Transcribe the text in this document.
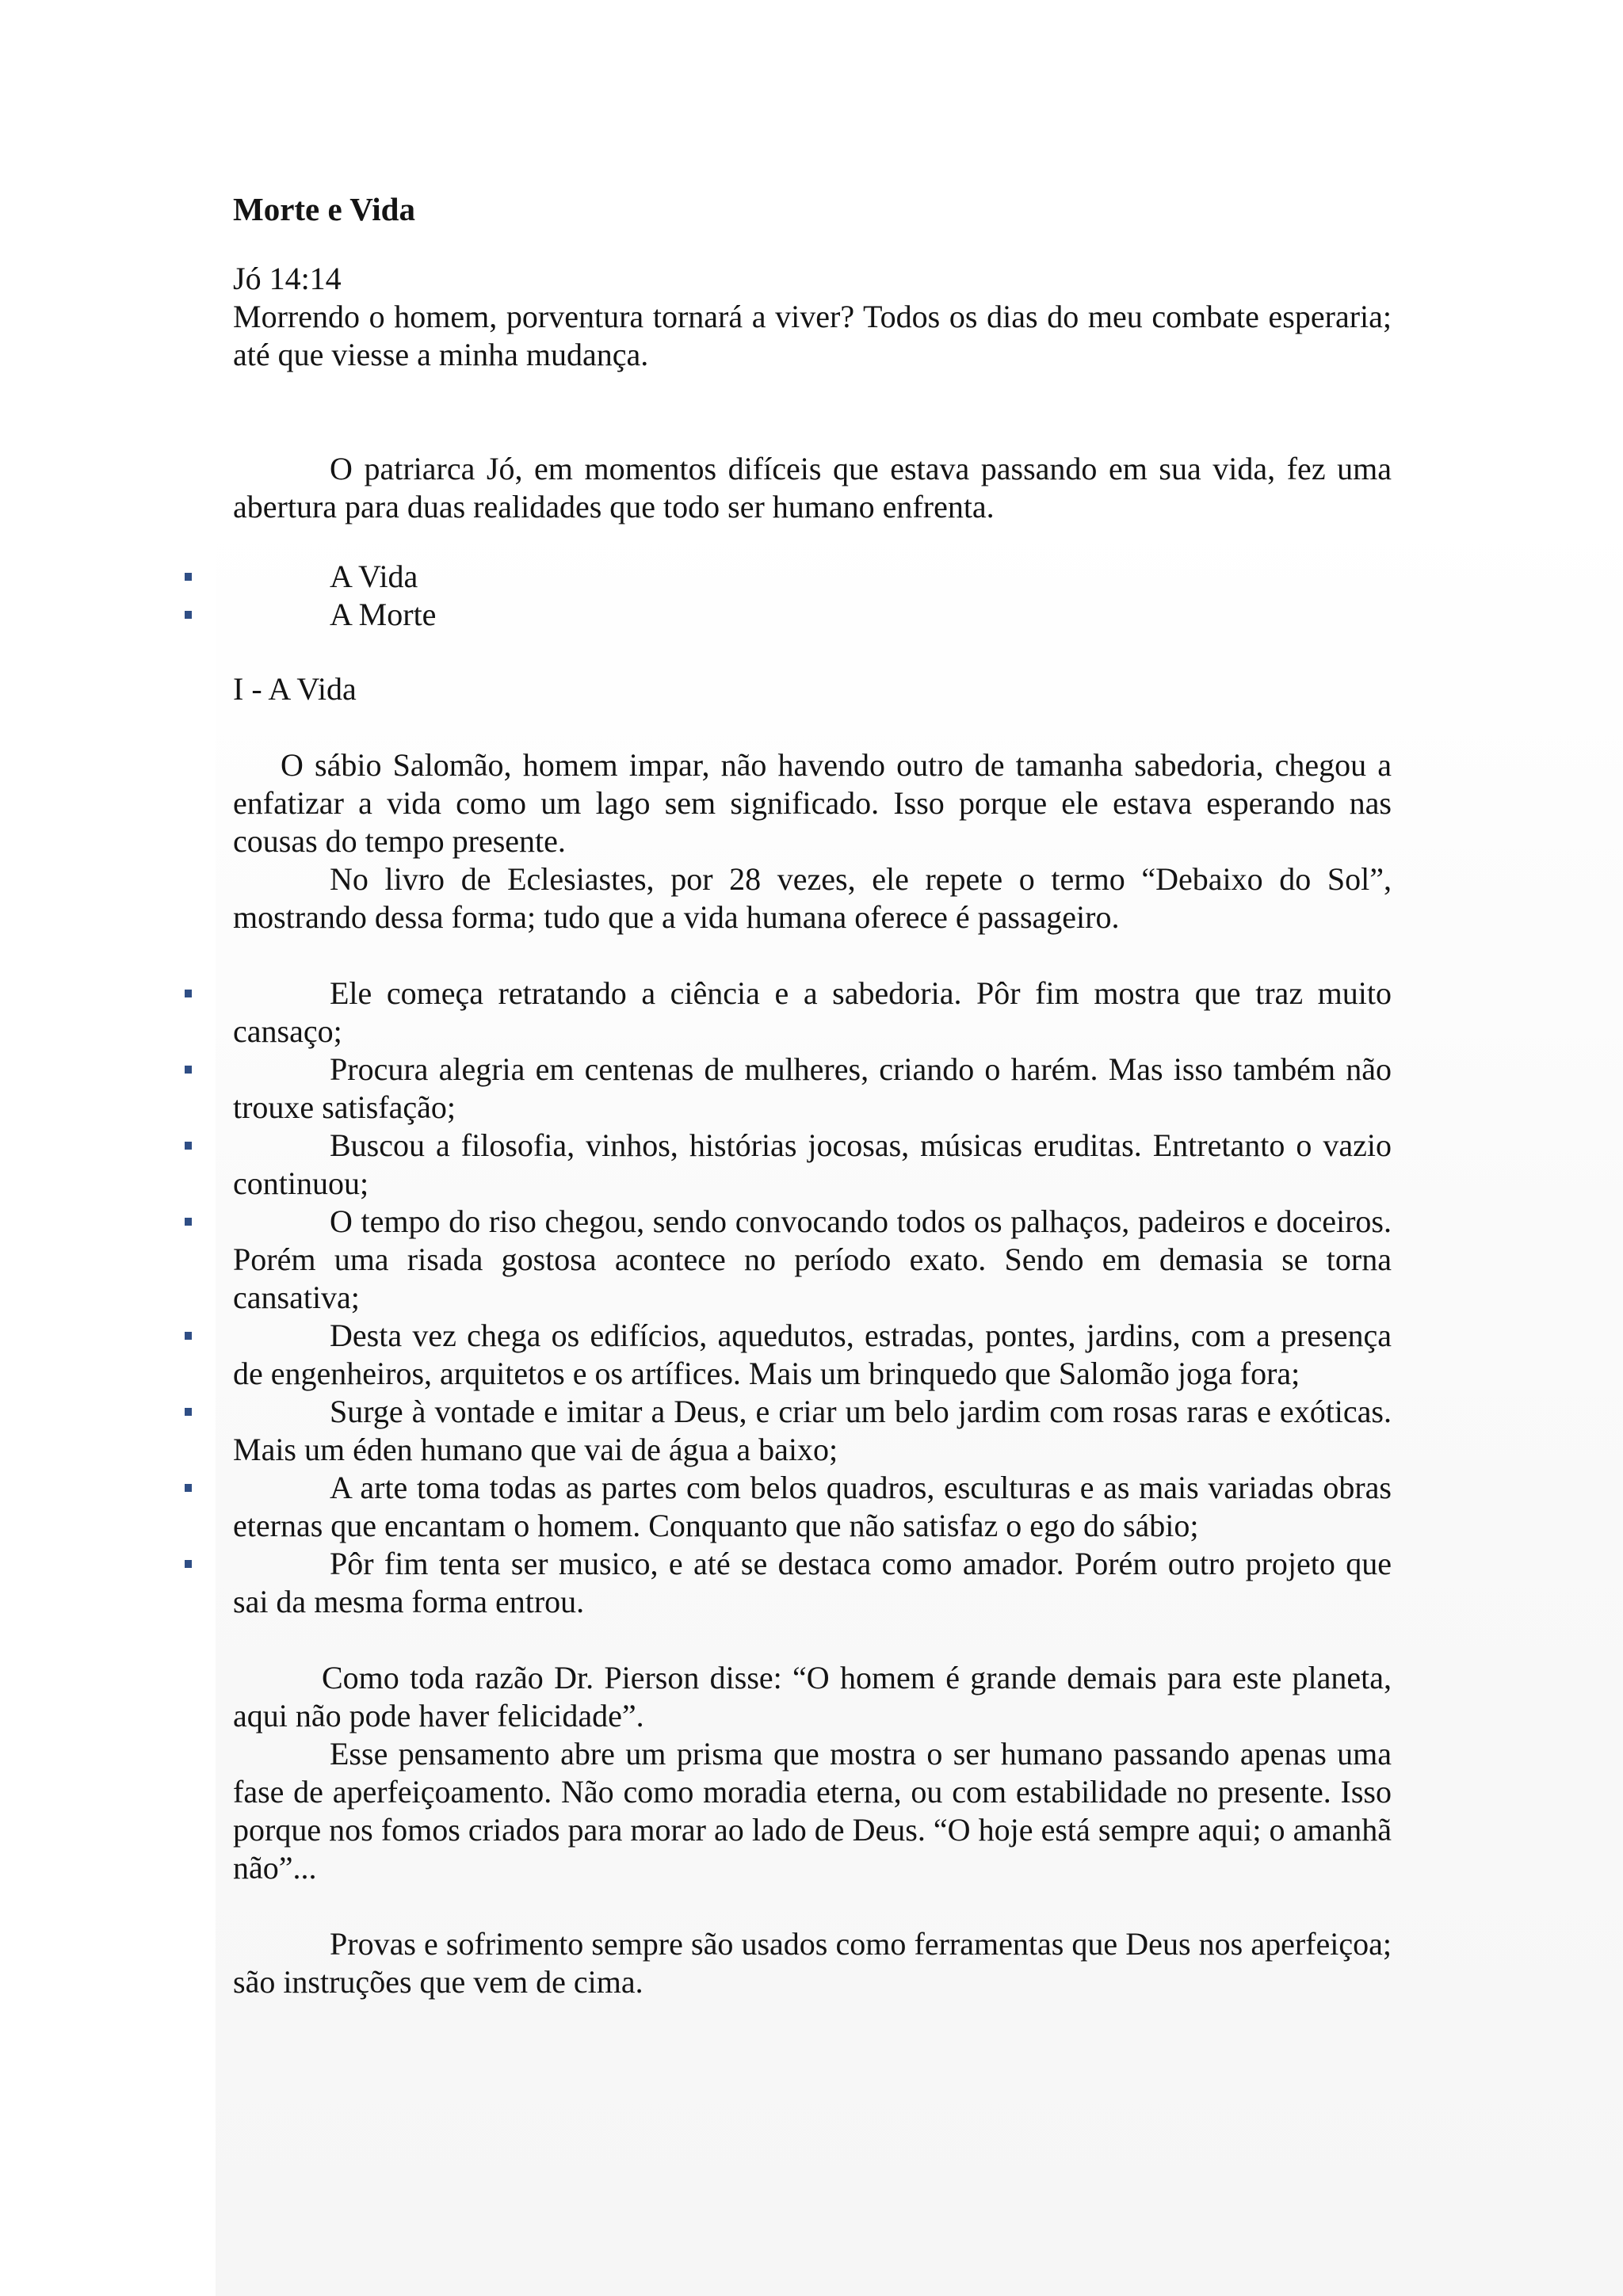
Morte e Vida

Jó 14:14

Morrendo o homem, porventura tornará a viver? Todos os dias do meu combate esperaria; até que viesse a minha mudança.

O patriarca Jó, em momentos difíceis que estava passando em sua vida, fez uma abertura para duas realidades que todo ser humano enfrenta.

A Vida

A Morte

I - A Vida

O sábio Salomão, homem impar, não havendo outro de tamanha sabedoria, chegou a enfatizar a vida como um lago sem significado. Isso porque ele estava esperando nas cousas do tempo presente.

No livro de Eclesiastes, por 28 vezes, ele repete o termo “Debaixo do Sol”, mostrando dessa forma; tudo que a vida humana oferece é passageiro.

Ele começa retratando a ciência e a sabedoria. Pôr fim mostra que traz muito cansaço;

Procura alegria em centenas de mulheres, criando o harém. Mas isso também não trouxe satisfação;

Buscou a filosofia, vinhos, histórias jocosas, músicas eruditas. Entretanto o vazio continuou;

O tempo do riso chegou, sendo convocando todos os palhaços, padeiros e doceiros. Porém uma risada gostosa acontece no período exato. Sendo em demasia se torna cansativa;

Desta vez chega os edifícios, aquedutos, estradas, pontes, jardins, com a presença de engenheiros, arquitetos e os artífices. Mais um brinquedo que Salomão joga fora;

Surge à vontade e imitar a Deus, e criar um belo jardim com rosas raras e exóticas. Mais um éden humano que vai de água a baixo;

A arte toma todas as partes com belos quadros, esculturas e as mais variadas obras eternas que encantam o homem. Conquanto que não satisfaz o ego do sábio;

Pôr fim tenta ser musico, e até se destaca como amador. Porém outro projeto que sai da mesma forma entrou.

Como toda razão Dr. Pierson disse: “O homem é grande demais para este planeta, aqui não pode haver felicidade”.

Esse pensamento abre um prisma que mostra o ser humano passando apenas uma fase de aperfeiçoamento. Não como moradia eterna, ou com estabilidade no presente. Isso porque nos fomos criados para morar ao lado de Deus. “O hoje está sempre aqui; o amanhã não”...

Provas e sofrimento sempre são usados como ferramentas que Deus nos aperfeiçoa; são instruções que vem de cima.
